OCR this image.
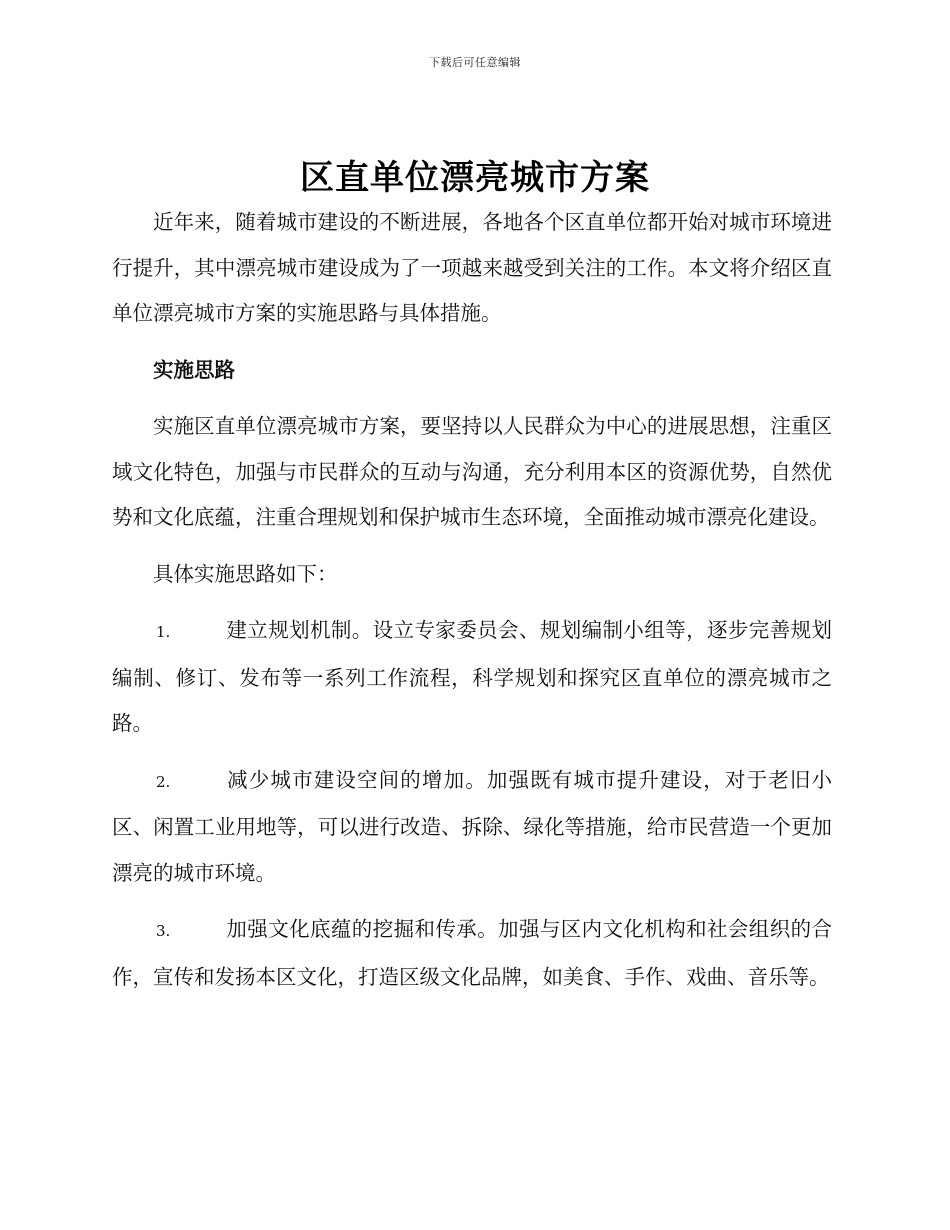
下载后可任意编辑
区直单位漂亮城市方案

近年来，随着城市建设的不断进展，各地各个区直单位都开始对城市环境进行提升，其中漂亮城市建设成为了一项越来越受到关注的工作。本文将介绍区直单位漂亮城市方案的实施思路与具体措施。

实施思路

实施区直单位漂亮城市方案，要坚持以人民群众为中心的进展思想，注重区域文化特色，加强与市民群众的互动与沟通，充分利用本区的资源优势，自然优势和文化底蕴，注重合理规划和保护城市生态环境，全面推动城市漂亮化建设。

具体实施思路如下：

1.	建立规划机制。设立专家委员会、规划编制小组等，逐步完善规划编制、修订、发布等一系列工作流程，科学规划和探究区直单位的漂亮城市之路。

2.	减少城市建设空间的增加。加强既有城市提升建设，对于老旧小区、闲置工业用地等，可以进行改造、拆除、绿化等措施，给市民营造一个更加漂亮的城市环境。

3.	加强文化底蕴的挖掘和传承。加强与区内文化机构和社会组织的合作，宣传和发扬本区文化，打造区级文化品牌，如美食、手作、戏曲、音乐等。
